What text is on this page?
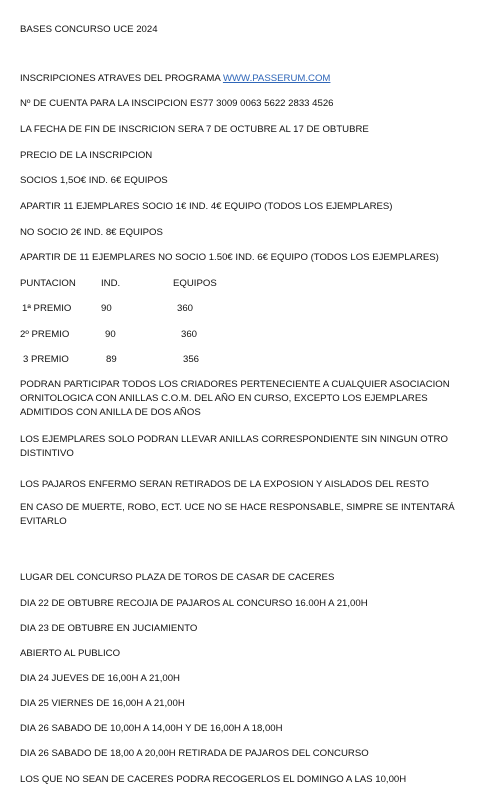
BASES CONCURSO UCE 2024

INSCRIPCIONES ATRAVES DEL PROGRAMA WWW.PASSERUM.COM

Nº DE CUENTA PARA LA INSCIPCION ES77 3009 0063 5622 2833 4526

LA FECHA DE FIN DE INSCRICION SERA 7 DE OCTUBRE AL 17 DE OBTUBRE

PRECIO DE LA INSCRIPCION

SOCIOS 1,5O€ IND. 6€ EQUIPOS

APARTIR 11 EJEMPLARES SOCIO 1€ IND. 4€ EQUIPO (TODOS LOS EJEMPLARES)

NO SOCIO 2€ IND. 8€ EQUIPOS

APARTIR DE 11 EJEMPLARES NO SOCIO 1.50€ IND. 6€ EQUIPO (TODOS LOS EJEMPLARES)

PUNTACION	IND.	EQUIPOS
1ª PREMIO	90	360
2º PREMIO	90	360
3 PREMIO	89	356

PODRAN PARTICIPAR TODOS LOS CRIADORES PERTENECIENTE A CUALQUIER ASOCIACION ORNITOLOGICA CON ANILLAS C.O.M. DEL AÑO EN CURSO, EXCEPTO LOS EJEMPLARES ADMITIDOS CON ANILLA DE DOS AÑOS

LOS EJEMPLARES SOLO PODRAN LLEVAR ANILLAS CORRESPONDIENTE SIN NINGUN OTRO DISTINTIVO

LOS PAJAROS ENFERMO SERAN RETIRADOS DE LA EXPOSION Y AISLADOS DEL RESTO

EN CASO DE MUERTE, ROBO, ECT. UCE NO SE HACE RESPONSABLE, SIMPRE SE INTENTARÁ EVITARLO

LUGAR DEL CONCURSO PLAZA DE TOROS DE CASAR DE CACERES

DIA 22 DE OBTUBRE RECOJIA DE PAJAROS AL CONCURSO 16.00H A 21,00H

DIA 23 DE OBTUBRE EN JUCIAMIENTO

ABIERTO AL PUBLICO

DIA 24 JUEVES DE 16,00H A 21,00H

DIA 25 VIERNES DE 16,00H A 21,00H

DIA 26 SABADO DE 10,00H A 14,00H Y DE 16,00H A 18,00H

DIA 26 SABADO DE 18,00 A 20,00H RETIRADA DE PAJAROS DEL CONCURSO

LOS QUE NO SEAN DE CACERES PODRA RECOGERLOS EL DOMINGO A LAS 10,00H
